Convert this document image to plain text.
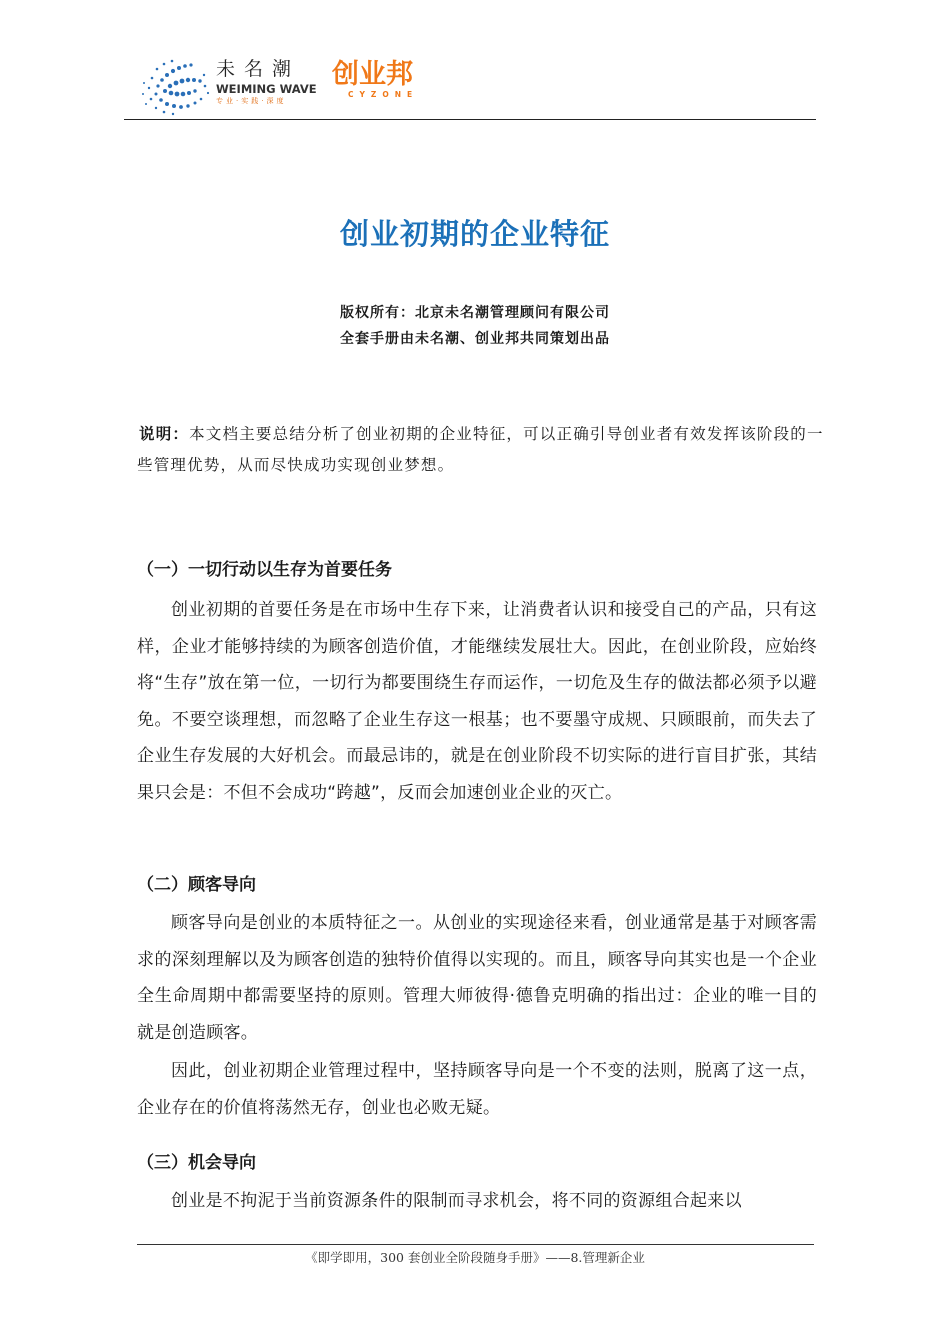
未名潮
WEIMING WAVE
专业·实践·深度
创业邦
CYZONE
创业初期的企业特征
版权所有：北京未名潮管理顾问有限公司
全套手册由未名潮、创业邦共同策划出品
说明：本文档主要总结分析了创业初期的企业特征，可以正确引导创业者有效发挥该阶段的一些管理优势，从而尽快成功实现创业梦想。
（一）一切行动以生存为首要任务
创业初期的首要任务是在市场中生存下来，让消费者认识和接受自己的产品，只有这样，企业才能够持续的为顾客创造价值，才能继续发展壮大。因此，在创业阶段，应始终将“生存”放在第一位，一切行为都要围绕生存而运作，一切危及生存的做法都必须予以避免。不要空谈理想，而忽略了企业生存这一根基；也不要墨守成规、只顾眼前，而失去了企业生存发展的大好机会。而最忌讳的，就是在创业阶段不切实际的进行盲目扩张，其结果只会是：不但不会成功“跨越”，反而会加速创业企业的灭亡。
（二）顾客导向
顾客导向是创业的本质特征之一。从创业的实现途径来看，创业通常是基于对顾客需求的深刻理解以及为顾客创造的独特价值得以实现的。而且，顾客导向其实也是一个企业全生命周期中都需要坚持的原则。管理大师彼得·德鲁克明确的指出过：企业的唯一目的就是创造顾客。
因此，创业初期企业管理过程中，坚持顾客导向是一个不变的法则，脱离了这一点，企业存在的价值将荡然无存，创业也必败无疑。
（三）机会导向
创业是不拘泥于当前资源条件的限制而寻求机会，将不同的资源组合起来以
《即学即用，300 套创业全阶段随身手册》——8.管理新企业
